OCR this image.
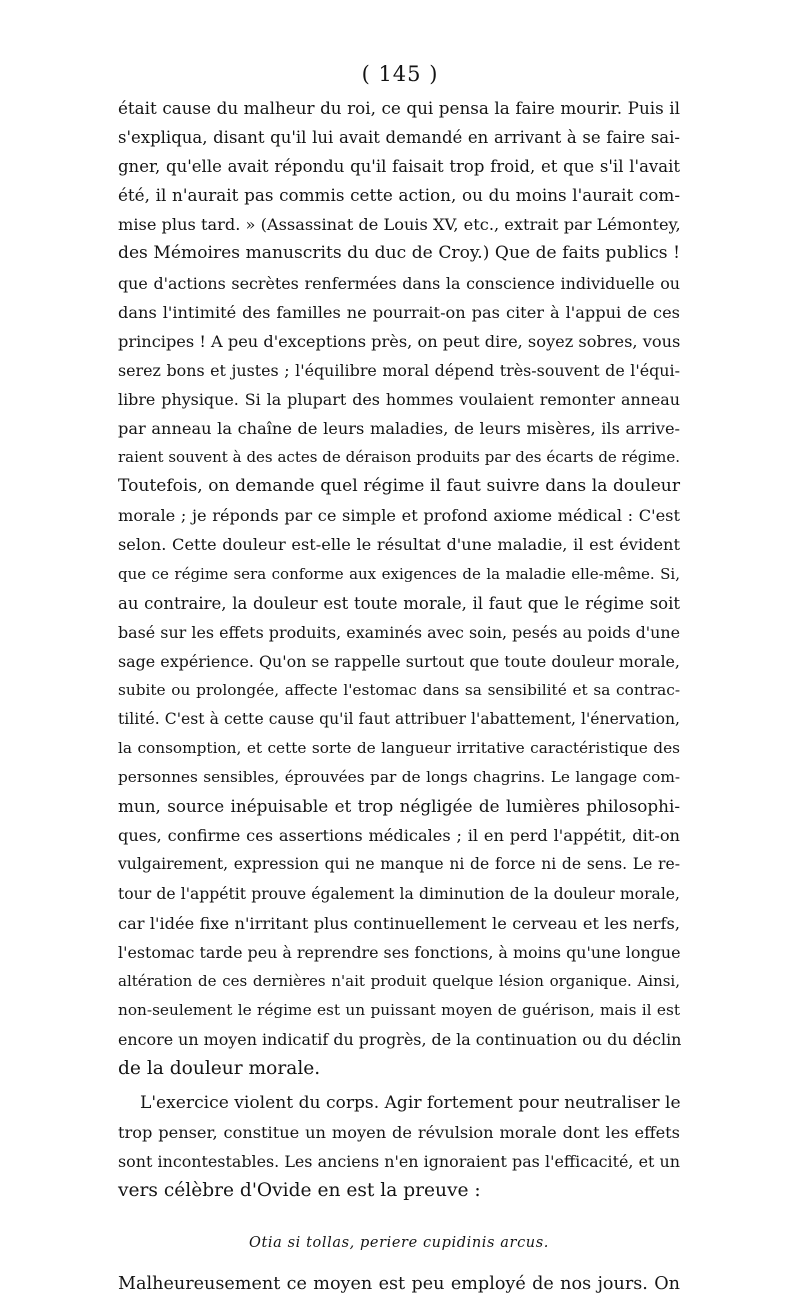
( 145 )
était cause du malheur du roi, ce qui pensa la faire mourir. Puis il
s'expliqua, disant qu'il lui avait demandé en arrivant à se faire sai-
gner, qu'elle avait répondu qu'il faisait trop froid, et que s'il l'avait
été, il n'aurait pas commis cette action, ou du moins l'aurait com-
mise plus tard. » (Assassinat de Louis XV, etc., extrait par Lémontey,
des Mémoires manuscrits du duc de Croy.) Que de faits publics !
que d'actions secrètes renfermées dans la conscience individuelle ou
dans l'intimité des familles ne pourrait-on pas citer à l'appui de ces
principes ! A peu d'exceptions près, on peut dire, soyez sobres, vous
serez bons et justes ; l'équilibre moral dépend très-souvent de l'équi-
libre physique. Si la plupart des hommes voulaient remonter anneau
par anneau la chaîne de leurs maladies, de leurs misères, ils arrive-
raient souvent à des actes de déraison produits par des écarts de régime.
Toutefois, on demande quel régime il faut suivre dans la douleur
morale ; je réponds par ce simple et profond axiome médical : C'est
selon. Cette douleur est-elle le résultat d'une maladie, il est évident
que ce régime sera conforme aux exigences de la maladie elle-même. Si,
au contraire, la douleur est toute morale, il faut que le régime soit
basé sur les effets produits, examinés avec soin, pesés au poids d'une
sage expérience. Qu'on se rappelle surtout que toute douleur morale,
subite ou prolongée, affecte l'estomac dans sa sensibilité et sa contrac-
tilité. C'est à cette cause qu'il faut attribuer l'abattement, l'énervation,
la consomption, et cette sorte de langueur irritative caractéristique des
personnes sensibles, éprouvées par de longs chagrins. Le langage com-
mun, source inépuisable et trop négligée de lumières philosophi-
ques, confirme ces assertions médicales ; il en perd l'appétit, dit-on
vulgairement, expression qui ne manque ni de force ni de sens. Le re-
tour de l'appétit prouve également la diminution de la douleur morale,
car l'idée fixe n'irritant plus continuellement le cerveau et les nerfs,
l'estomac tarde peu à reprendre ses fonctions, à moins qu'une longue
altération de ces dernières n'ait produit quelque lésion organique. Ainsi,
non-seulement le régime est un puissant moyen de guérison, mais il est
encore un moyen indicatif du progrès, de la continuation ou du déclin
de la douleur morale.
L'exercice violent du corps. Agir fortement pour neutraliser le
trop penser, constitue un moyen de révulsion morale dont les effets
sont incontestables. Les anciens n'en ignoraient pas l'efficacité, et un
vers célèbre d'Ovide en est la preuve :
Otia si tollas, periere cupidinis arcus.
Malheureusement ce moyen est peu employé de nos jours. On
